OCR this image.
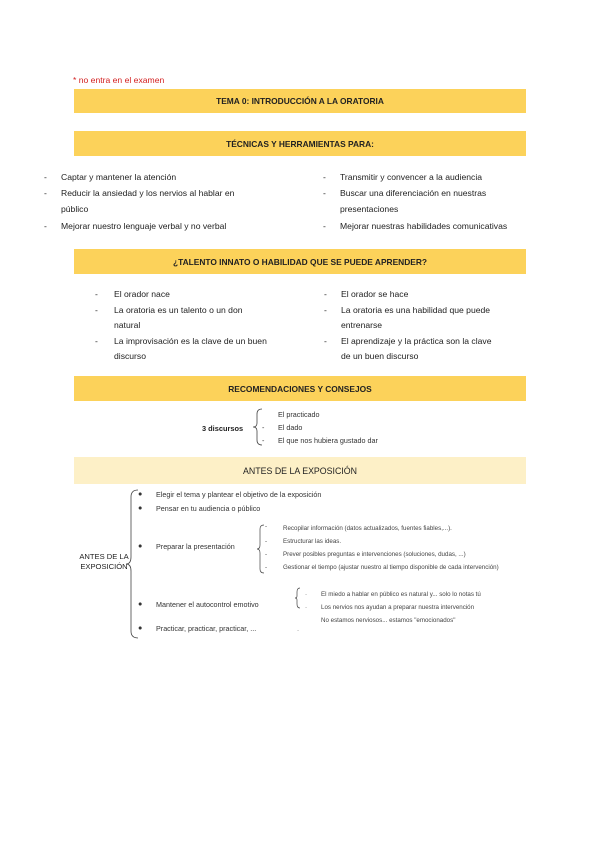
* no entra en el examen
TEMA 0: INTRODUCCIÓN A LA ORATORIA
TÉCNICAS Y HERRAMIENTAS PARA:
- Captar y mantener la atención
- Reducir la ansiedad y los nervios al hablar en
público
- Mejorar nuestro lenguaje verbal y no verbal
- Transmitir y convencer a la audiencia
- Buscar una diferenciación en nuestras
presentaciones
- Mejorar nuestras habilidades comunicativas
¿TALENTO INNATO O HABILIDAD QUE SE PUEDE APRENDER?
- El orador nace
- La oratoria es un talento o un don
natural
- La improvisación es la clave de un buen
discurso
- El orador se hace
- La oratoria es una habilidad que puede
entrenarse
- El aprendizaje y la práctica son la clave
de un buen discurso
RECOMENDACIONES Y CONSEJOS
3 discursos
El practicado
- El dado
- El que nos hubiera gustado dar
ANTES DE LA EXPOSICIÓN
ANTES DE LA
EXPOSICIÓN
● Elegir el tema y plantear el objetivo de la exposición
● Pensar en tu audiencia o público
● Preparar la presentación
● Mantener el autocontrol emotivo
● Practicar, practicar, practicar, ...
-	Recopilar información (datos actualizados, fuentes fiables,...).
-	Estructurar las ideas.
-	Prever posibles preguntas e intervenciones (soluciones, dudas, ...)
-	Gestionar el tiempo (ajustar nuestro al tiempo disponible de cada intervención)
· El miedo a hablar en público es natural y... solo lo notas tú
· Los nervios nos ayudan a preparar nuestra intervención
No estamos nerviosos... estamos "emocionados"
·
